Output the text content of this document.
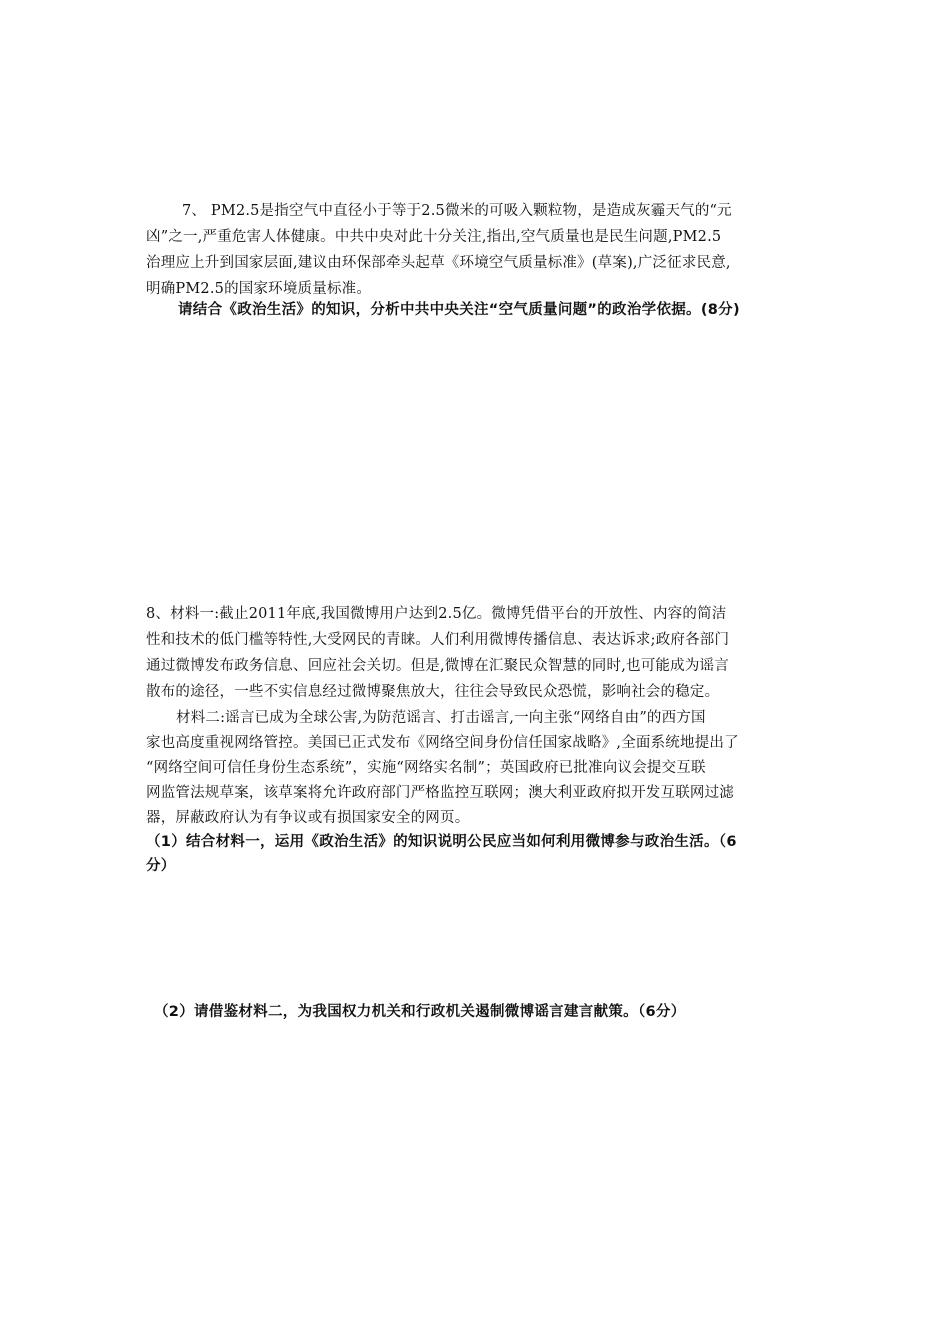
7、 PM2.5是指空气中直径小于等于2.5微米的可吸入颗粒物，是造成灰霾天气的“元
凶”之一,严重危害人体健康。中共中央对此十分关注,指出,空气质量也是民生问题,PM2.5
治理应上升到国家层面,建议由环保部牵头起草《环境空气质量标准》(草案),广泛征求民意,
明确PM2.5的国家环境质量标准。
请结合《政治生活》的知识，分析中共中央关注“空气质量问题”的政治学依据。(8分)
8、材料一:截止2011年底,我国微博用户达到2.5亿。微博凭借平台的开放性、内容的简洁
性和技术的低门槛等特性,大受网民的青睐。人们利用微博传播信息、表达诉求;政府各部门
通过微博发布政务信息、回应社会关切。但是,微博在汇聚民众智慧的同时,也可能成为谣言
散布的途径，一些不实信息经过微博聚焦放大，往往会导致民众恐慌，影响社会的稳定。
材料二:谣言已成为全球公害,为防范谣言、打击谣言,一向主张“网络自由”的西方国
家也高度重视网络管控。美国已正式发布《网络空间身份信任国家战略》,全面系统地提出了
“网络空间可信任身份生态系统”，实施“网络实名制”；英国政府已批准向议会提交互联
网监管法规草案，该草案将允许政府部门严格监控互联网；澳大利亚政府拟开发互联网过滤
器，屏蔽政府认为有争议或有损国家安全的网页。
（1）结合材料一，运用《政治生活》的知识说明公民应当如何利用微博参与政治生活。（6
分）
（2）请借鉴材料二，为我国权力机关和行政机关遏制微博谣言建言献策。（6分）
